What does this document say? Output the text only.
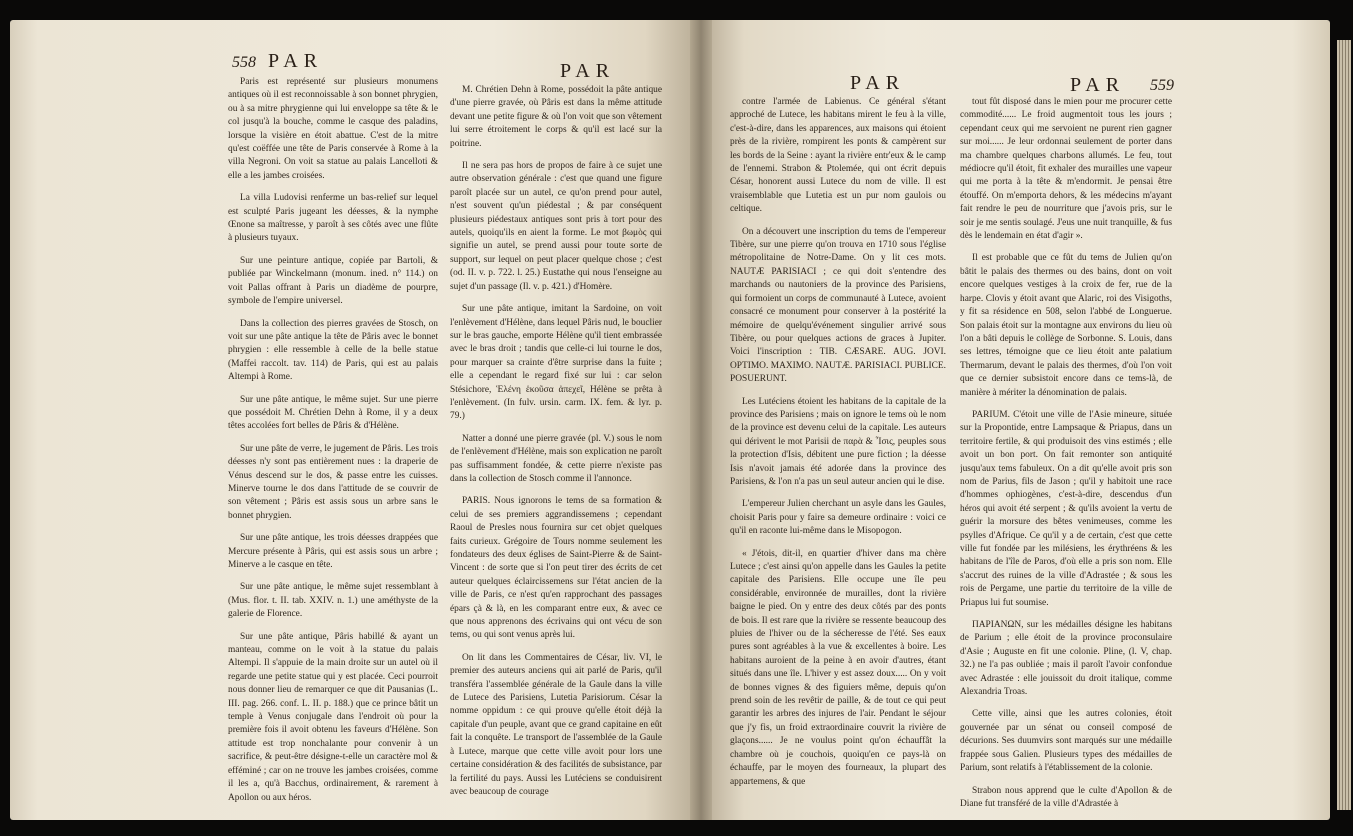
558 PAR	PAR

Paris est représenté sur plusieurs monumens antiques où il est reconnoissable à son bonnet phrygien, ou à sa mitre phrygienne qui lui enveloppe sa tête & le col jusqu'à la bouche, comme le casque des paladins, lorsque la visière en étoit abattue. C'est de la mitre qu'est coëffée une tête de Paris conservée à Rome à la villa Negroni. On voit sa statue au palais Lancelloti & elle a les jambes croisées.

La villa Ludovisi renferme un bas-relief sur lequel est sculpté Paris jugeant les déesses, & la nymphe Œnone sa maîtresse, y paroît à ses côtés avec une flûte à plusieurs tuyaux.

Sur une peinture antique, copiée par Bartoli, & publiée par Winckelmann (monum. ined. n° 114.) on voit Pallas offrant à Paris un diadème de pourpre, symbole de l'empire universel.

Dans la collection des pierres gravées de Stosch, on voit sur une pâte antique la tête de Pâris avec le bonnet phrygien : elle ressemble à celle de la belle statue (Maffei raccolt. tav. 114) de Paris, qui est au palais Altempi à Rome.

Sur une pâte antique, le même sujet. Sur une pierre que possédoit M. Chrétien Dehn à Rome, il y a deux têtes accolées fort belles de Pâris & d'Hélène.

Sur une pâte de verre, le jugement de Pâris. Les trois déesses n'y sont pas entièrement nues : la draperie de Vénus descend sur le dos, & passe entre les cuisses. Minerve tourne le dos dans l'attitude de se couvrir de son vêtement ; Pâris est assis sous un arbre sans le bonnet phrygien.

Sur une pâte antique, les trois déesses drappées que Mercure présente à Pâris, qui est assis sous un arbre ; Minerve a le casque en tête.

Sur une pâte antique, le même sujet ressemblant à (Mus. flor. t. II. tab. XXIV. n. 1.) une améthyste de la galerie de Florence.

Sur une pâte antique, Pâris habillé & ayant un manteau, comme on le voit à la statue du palais Altempi. Il s'appuie de la main droite sur un autel où il regarde une petite statue qui y est placée. Ceci pourroit nous donner lieu de remarquer ce que dit Pausanias (L. III. pag. 266. conf. L. II. p. 188.) que ce prince bâtit un temple à Venus conjugale dans l'endroit où pour la première fois il avoit obtenu les faveurs d'Hélène. Son attitude est trop nonchalante pour convenir à un sacrifice, & peut-être désigne-t-elle un caractère mol & efféminé ; car on ne trouve les jambes croisées, comme il les a, qu'à Bacchus, ordinairement, & rarement à Apollon ou aux héros.

M. Chrétien Dehn à Rome, possédoit la pâte antique d'une pierre gravée, où Pâris est dans la même attitude devant une petite figure & où l'on voit que son vêtement lui serre étroitement le corps & qu'il est lacé sur la poitrine.

Il ne sera pas hors de propos de faire à ce sujet une autre observation générale : c'est que quand une figure paroît placée sur un autel, ce qu'on prend pour autel, n'est souvent qu'un piédestal ; & par conséquent plusieurs piédestaux antiques sont pris à tort pour des autels, quoiqu'ils en aient la forme. Le mot βωμὸς qui signifie un autel, se prend aussi pour toute sorte de support, sur lequel on peut placer quelque chose ; c'est (od. II. v. p. 722. l. 25.) Eustathe qui nous l'enseigne au sujet d'un passage (Il. v. p. 421.) d'Homère.

Sur une pâte antique, imitant la Sardoine, on voit l'enlèvement d'Hélène, dans lequel Pâris nud, le bouclier sur le bras gauche, emporte Hélène qu'il tient embrassée avec le bras droit ; tandis que celle-ci lui tourne le dos, pour marquer sa crainte d'être surprise dans la fuite ; elle a cependant le regard fixé sur lui : car selon Stésichore, Ἑλένη ἑκοῦσα ἀπεχεῖ, Hélène se prêta à l'enlèvement. (In fulv. ursin. carm. IX. fem. & lyr. p. 79.)

Natter a donné une pierre gravée (pl. V.) sous le nom de l'enlèvement d'Hélène, mais son explication ne paroît pas suffisamment fondée, & cette pierre n'existe pas dans la collection de Stosch comme il l'annonce.

PARIS. Nous ignorons le tems de sa formation & celui de ses premiers aggrandissemens ; cependant Raoul de Presles nous fournira sur cet objet quelques faits curieux. Grégoire de Tours nomme seulement les fondateurs des deux églises de Saint-Pierre & de Saint-Vincent : de sorte que si l'on peut tirer des écrits de cet auteur quelques éclaircissemens sur l'état ancien de la ville de Paris, ce n'est qu'en rapprochant des passages épars çà & là, en les comparant entre eux, & avec ce que nous apprenons des écrivains qui ont vécu de son tems, ou qui sont venus après lui.

On lit dans les Commentaires de César, liv. VI, le premier des auteurs anciens qui ait parlé de Paris, qu'il transféra l'assemblée générale de la Gaule dans la ville de Lutece des Parisiens, Lutetia Parisiorum. César la nomme oppidum : ce qui prouve qu'elle étoit déjà la capitale d'un peuple, avant que ce grand capitaine en eût fait la conquête. Le transport de l'assemblée de la Gaule à Lutece, marque que cette ville avoit pour lors une certaine considération & des facilités de subsistance, par la fertilité du pays. Aussi les Lutéciens se conduisirent avec beaucoup de courage

PAR	PAR 559

contre l'armée de Labienus. Ce général s'étant approché de Lutece, les habitans mirent le feu à la ville, c'est-à-dire, dans les apparences, aux maisons qui étoient près de la rivière, rompirent les ponts & campèrent sur les bords de la Seine : ayant la rivière entr'eux & le camp de l'ennemi. Strabon & Ptolemée, qui ont écrit depuis César, honorent aussi Lutece du nom de ville. Il est vraisemblable que Lutetia est un pur nom gaulois ou celtique.

On a découvert une inscription du tems de l'empereur Tibère, sur une pierre qu'on trouva en 1710 sous l'église métropolitaine de Notre-Dame. On y lit ces mots. NAUTÆ PARISIACI ; ce qui doit s'entendre des marchands ou nautoniers de la province des Parisiens, qui formoient un corps de communauté à Lutece, avoient consacré ce monument pour conserver à la postérité la mémoire de quelqu'événement singulier arrivé sous Tibère, ou pour quelques actions de graces à Jupiter. Voici l'inscription : TIB. CÆSARE. AUG. JOVI. OPTIMO. MAXIMO. NAUTÆ. PARISIACI. PUBLICE. POSUERUNT.

Les Lutéciens étoient les habitans de la capitale de la province des Parisiens ; mais on ignore le tems où le nom de la province est devenu celui de la capitale. Les auteurs qui dérivent le mot Parisii de παρὰ & Ἶσις, peuples sous la protection d'Isis, débitent une pure fiction ; la déesse Isis n'avoit jamais été adorée dans la province des Parisiens, & l'on n'a pas un seul auteur ancien qui le dise.

L'empereur Julien cherchant un asyle dans les Gaules, choisit Paris pour y faire sa demeure ordinaire : voici ce qu'il en raconte lui-même dans le Misopogon.

« J'étois, dit-il, en quartier d'hiver dans ma chère Lutece ; c'est ainsi qu'on appelle dans les Gaules la petite capitale des Parisiens. Elle occupe une île peu considérable, environnée de murailles, dont la rivière baigne le pied. On y entre des deux côtés par des ponts de bois. Il est rare que la rivière se ressente beaucoup des pluies de l'hiver ou de la sécheresse de l'été. Ses eaux pures sont agréables à la vue & excellentes à boire. Les habitans auroient de la peine à en avoir d'autres, étant situés dans une île. L'hiver y est assez doux..... On y voit de bonnes vignes & des figuiers même, depuis qu'on prend soin de les revêtir de paille, & de tout ce qui peut garantir les arbres des injures de l'air. Pendant le séjour que j'y fis, un froid extraordinaire couvrit la rivière de glaçons...... Je ne voulus point qu'on échauffât la chambre où je couchois, quoiqu'en ce pays-là on échauffe, par le moyen des fourneaux, la plupart des appartemens, & que

tout fût disposé dans le mien pour me procurer cette commodité...... Le froid augmentoit tous les jours ; cependant ceux qui me servoient ne purent rien gagner sur moi...... Je leur ordonnai seulement de porter dans ma chambre quelques charbons allumés. Le feu, tout médiocre qu'il étoit, fit exhaler des murailles une vapeur qui me porta à la tête & m'endormit. Je pensai être étouffé. On m'emporta dehors, & les médecins m'ayant fait rendre le peu de nourriture que j'avois pris, sur le soir je me sentis soulagé. J'eus une nuit tranquille, & fus dès le lendemain en état d'agir ».

Il est probable que ce fût du tems de Julien qu'on bâtit le palais des thermes ou des bains, dont on voit encore quelques vestiges à la croix de fer, rue de la harpe. Clovis y étoit avant que Alaric, roi des Visigoths, y fit sa résidence en 508, selon l'abbé de Longuerue. Son palais étoit sur la montagne aux environs du lieu où l'on a bâti depuis le collège de Sorbonne. S. Louis, dans ses lettres, témoigne que ce lieu étoit ante palatium Thermarum, devant le palais des thermes, d'où l'on voit que ce dernier subsistoit encore dans ce tems-là, de manière à mériter la dénomination de palais.

PARIUM. C'étoit une ville de l'Asie mineure, située sur la Propontide, entre Lampsaque & Priapus, dans un territoire fertile, & qui produisoit des vins estimés ; elle avoit un bon port. On fait remonter son antiquité jusqu'aux tems fabuleux. On a dit qu'elle avoit pris son nom de Parius, fils de Jason ; qu'il y habitoit une race d'hommes ophiogènes, c'est-à-dire, descendus d'un héros qui avoit été serpent ; & qu'ils avoient la vertu de guérir la morsure des bêtes venimeuses, comme les psylles d'Afrique. Ce qu'il y a de certain, c'est que cette ville fut fondée par les milésiens, les érythréens & les habitans de l'île de Paros, d'où elle a pris son nom. Elle s'accrut des ruines de la ville d'Adrastée ; & sous les rois de Pergame, une partie du territoire de la ville de Priapus lui fut soumise.

ΠΑΡΙΑΝΩΝ, sur les médailles désigne les habitans de Parium ; elle étoit de la province proconsulaire d'Asie ; Auguste en fit une colonie. Pline, (l. V, chap. 32.) ne l'a pas oubliée ; mais il paroît l'avoir confondue avec Adrastée : elle jouissoit du droit italique, comme Alexandria Troas.

Cette ville, ainsi que les autres colonies, étoit gouvernée par un sénat ou conseil composé de décurions. Ses duumvirs sont marqués sur une médaille frappée sous Galien. Plusieurs types des médailles de Parium, sont relatifs à l'établissement de la colonie.

Strabon nous apprend que le culte d'Apollon & de Diane fut transféré de la ville d'Adrastée à
